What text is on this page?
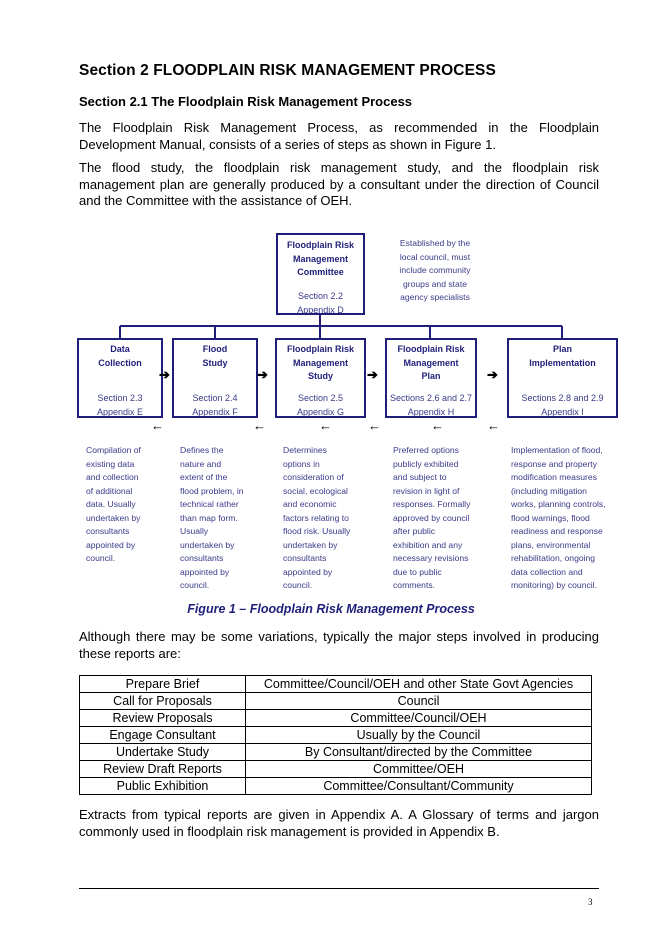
Section 2 FLOODPLAIN RISK MANAGEMENT PROCESS
Section 2.1 The Floodplain Risk Management Process

The Floodplain Risk Management Process, as recommended in the Floodplain Development Manual, consists of a series of steps as shown in Figure 1.

The flood study, the floodplain risk management study, and the floodplain risk management plan are generally produced by a consultant under the direction of Council and the Committee with the assistance of OEH.

Floodplain Risk
Management
Committee
Section 2.2
Appendix D
Established by the
local council, must
include community
groups and state
agency specialists
Data
Collection
Section 2.3
Appendix E
Flood
Study
Section 2.4
Appendix F
Floodplain Risk
Management
Study
Section 2.5
Appendix G
Floodplain Risk
Management
Plan
Sections 2.6 and 2.7
Appendix H
Plan
Implementation
Sections 2.8 and 2.9
Appendix I
➔	➔	➔	➔
←	←	←	←	←	←
Compilation of
existing data
and collection
of additional
data. Usually
undertaken by
consultants
appointed by
council.
Defines the
nature and
extent of the
flood problem, in
technical rather
than map form.
Usually
undertaken by
consultants
appointed by
council.
Determines
options in
consideration of
social, ecological
and economic
factors relating to
flood risk. Usually
undertaken by
consultants
appointed by
council.
Preferred options
publicly exhibited
and subject to
revision in light of
responses. Formally
approved by council
after public
exhibition and any
necessary revisions
due to public
comments.
Implementation of flood,
response and property
modification measures
(including mitigation
works, planning controls,
flood warnings, flood
readiness and response
plans, environmental
rehabilitation, ongoing
data collection and
monitoring) by council.
Figure 1 – Floodplain Risk Management Process

Although there may be some variations, typically the major steps involved in producing these reports are:

Prepare Brief	Committee/Council/OEH and other State Govt Agencies
Call for Proposals	Council
Review Proposals	Committee/Council/OEH
Engage Consultant	Usually by the Council
Undertake Study	By Consultant/directed by the Committee
Review Draft Reports	Committee/OEH
Public Exhibition	Committee/Consultant/Community

Extracts from typical reports are given in Appendix A. A Glossary of terms and jargon commonly used in floodplain risk management is provided in Appendix B.

3
